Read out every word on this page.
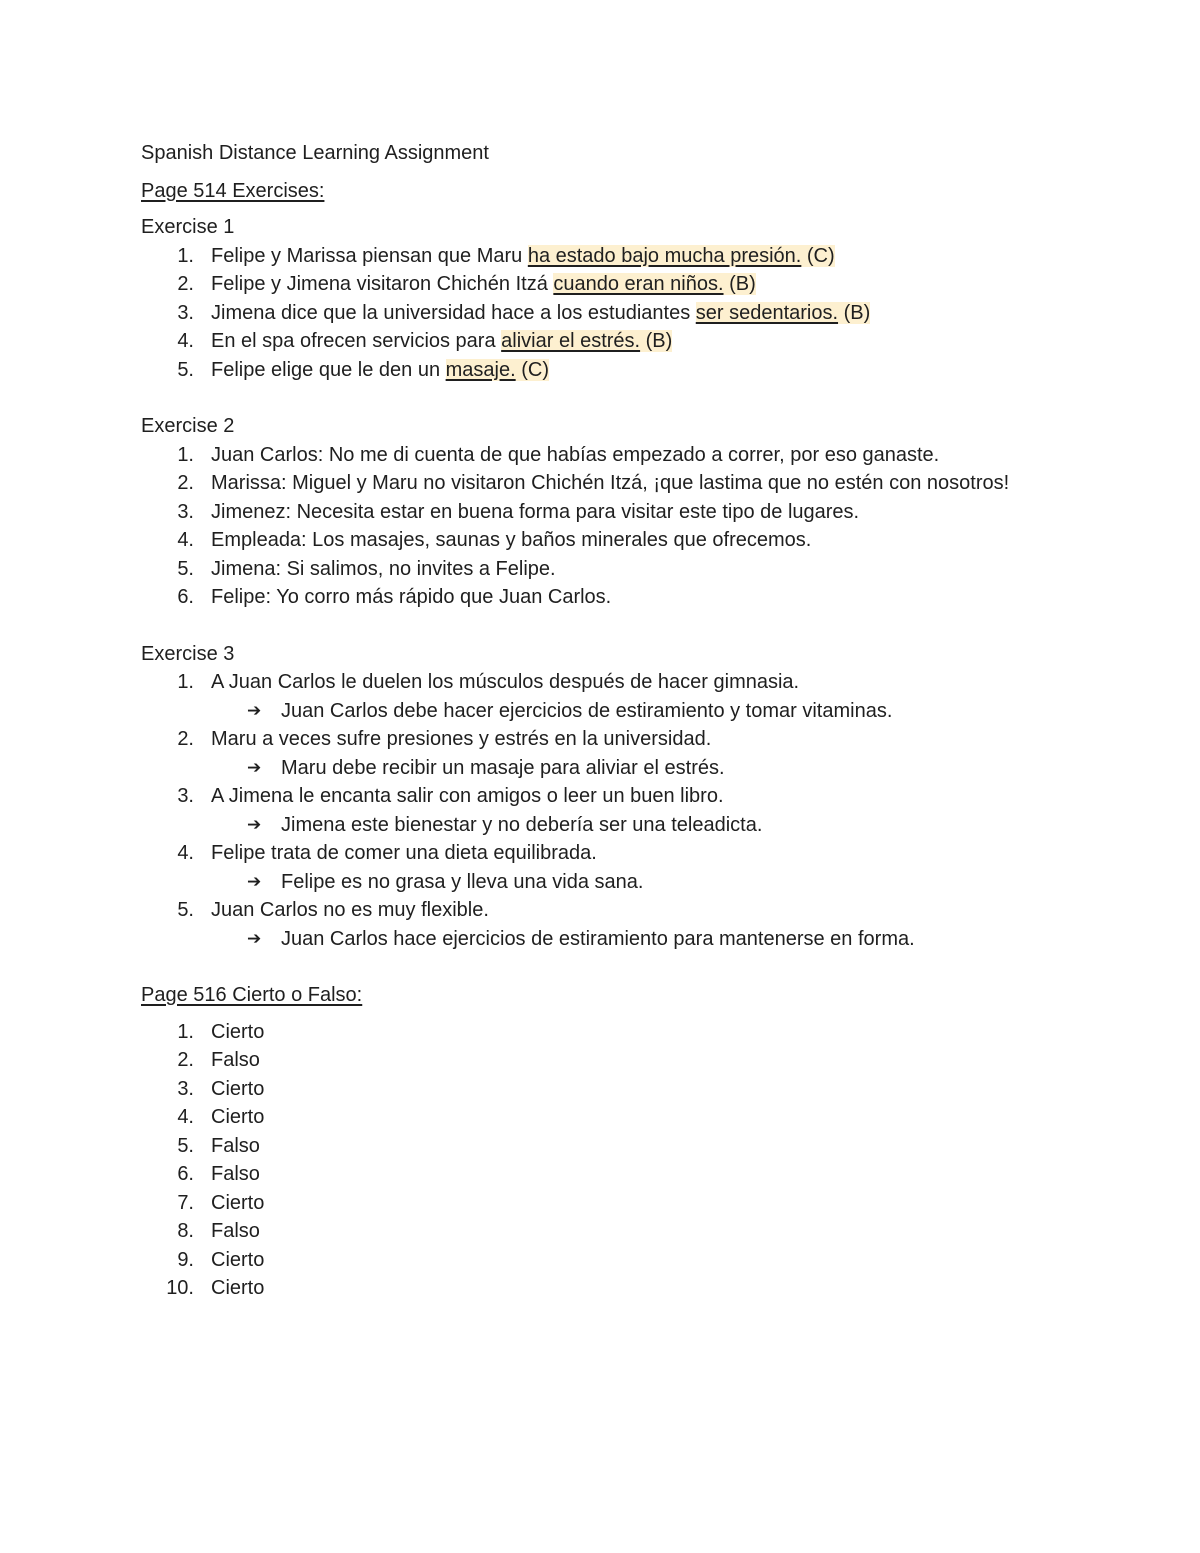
Spanish Distance Learning Assignment
Page 514 Exercises:
Exercise 1
1. Felipe y Marissa piensan que Maru ha estado bajo mucha presión. (C)
2. Felipe y Jimena visitaron Chichén Itzá cuando eran niños. (B)
3. Jimena dice que la universidad hace a los estudiantes ser sedentarios. (B)
4. En el spa ofrecen servicios para aliviar el estrés. (B)
5. Felipe elige que le den un masaje. (C)
Exercise 2
1. Juan Carlos: No me di cuenta de que habías empezado a correr, por eso ganaste.
2. Marissa: Miguel y Maru no visitaron Chichén Itzá, ¡que lastima que no estén con nosotros!
3. Jimenez: Necesita estar en buena forma para visitar este tipo de lugares.
4. Empleada: Los masajes, saunas y baños minerales que ofrecemos.
5. Jimena: Si salimos, no invites a Felipe.
6. Felipe: Yo corro más rápido que Juan Carlos.
Exercise 3
1. A Juan Carlos le duelen los músculos después de hacer gimnasia.
➔ Juan Carlos debe hacer ejercicios de estiramiento y tomar vitaminas.
2. Maru a veces sufre presiones y estrés en la universidad.
➔ Maru debe recibir un masaje para aliviar el estrés.
3. A Jimena le encanta salir con amigos o leer un buen libro.
➔ Jimena este bienestar y no debería ser una teleadicta.
4. Felipe trata de comer una dieta equilibrada.
➔ Felipe es no grasa y lleva una vida sana.
5. Juan Carlos no es muy flexible.
➔ Juan Carlos hace ejercicios de estiramiento para mantenerse en forma.
Page 516 Cierto o Falso:
1. Cierto
2. Falso
3. Cierto
4. Cierto
5. Falso
6. Falso
7. Cierto
8. Falso
9. Cierto
10. Cierto
